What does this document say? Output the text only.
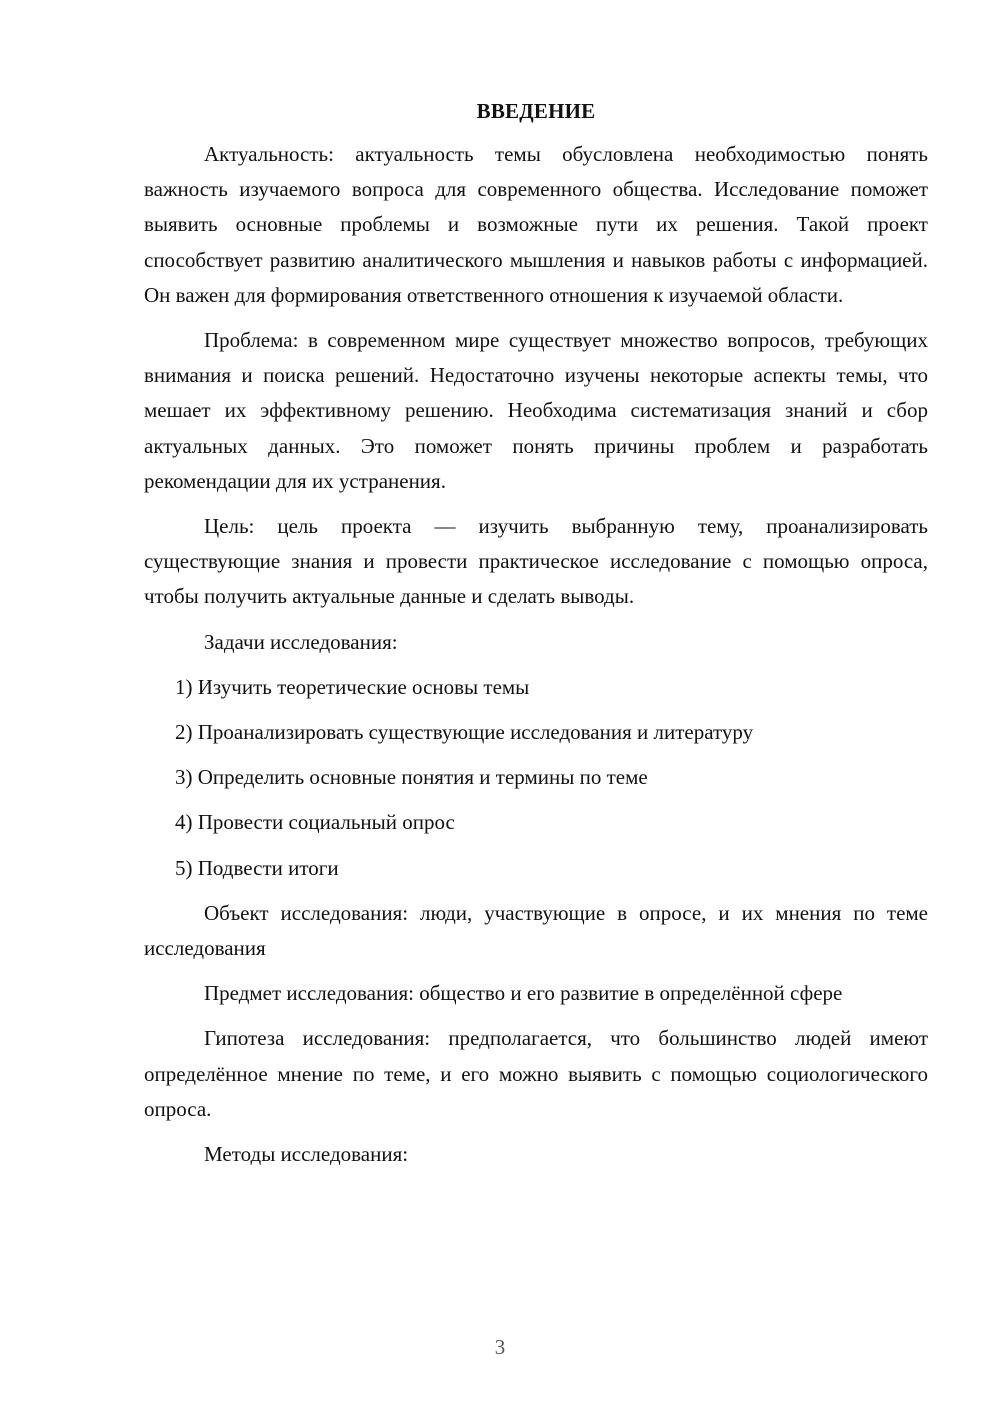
ВВЕДЕНИЕ

Актуальность: актуальность темы обусловлена необходимостью понять важность изучаемого вопроса для современного общества. Исследование поможет выявить основные проблемы и возможные пути их решения. Такой проект способствует развитию аналитического мышления и навыков работы с информацией. Он важен для формирования ответственного отношения к изучаемой области.

Проблема: в современном мире существует множество вопросов, требующих внимания и поиска решений. Недостаточно изучены некоторые аспекты темы, что мешает их эффективному решению. Необходима систематизация знаний и сбор актуальных данных. Это поможет понять причины проблем и разработать рекомендации для их устранения.

Цель: цель проекта — изучить выбранную тему, проанализировать существующие знания и провести практическое исследование с помощью опроса, чтобы получить актуальные данные и сделать выводы.

Задачи исследования:

1) Изучить теоретические основы темы

2) Проанализировать существующие исследования и литературу

3) Определить основные понятия и термины по теме

4) Провести социальный опрос

5) Подвести итоги

Объект исследования: люди, участвующие в опросе, и их мнения по теме исследования

Предмет исследования: общество и его развитие в определённой сфере

Гипотеза исследования: предполагается, что большинство людей имеют определённое мнение по теме, и его можно выявить с помощью социологического опроса.

Методы исследования:

3
